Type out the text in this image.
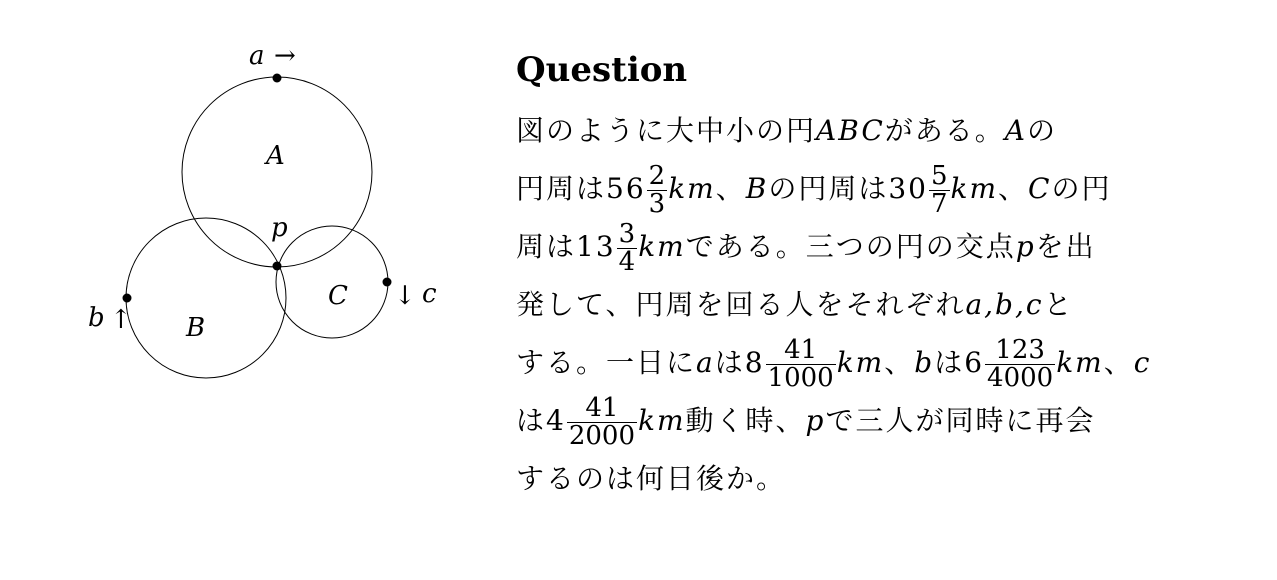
A
B
C
p
a →
b ↑
↓ c
Question
図のように大中小の円ABCがある。Aの
円周は$56 \frac{2}{3}$ km、Bの円周は$30 \frac{5}{7}$ km、Cの円
周は$13 \frac{3}{4}$ kmである。三つの円の交点pを出
発して、円周を回る人をそれぞれa,b,cと
する。一日にaは$8 \frac{41}{1000}$ km、bは$6 \frac{123}{4000}$ km、c
は$4 \frac{41}{2000}$ km動く時、pで三人が同時に再会
するのは何日後か。
